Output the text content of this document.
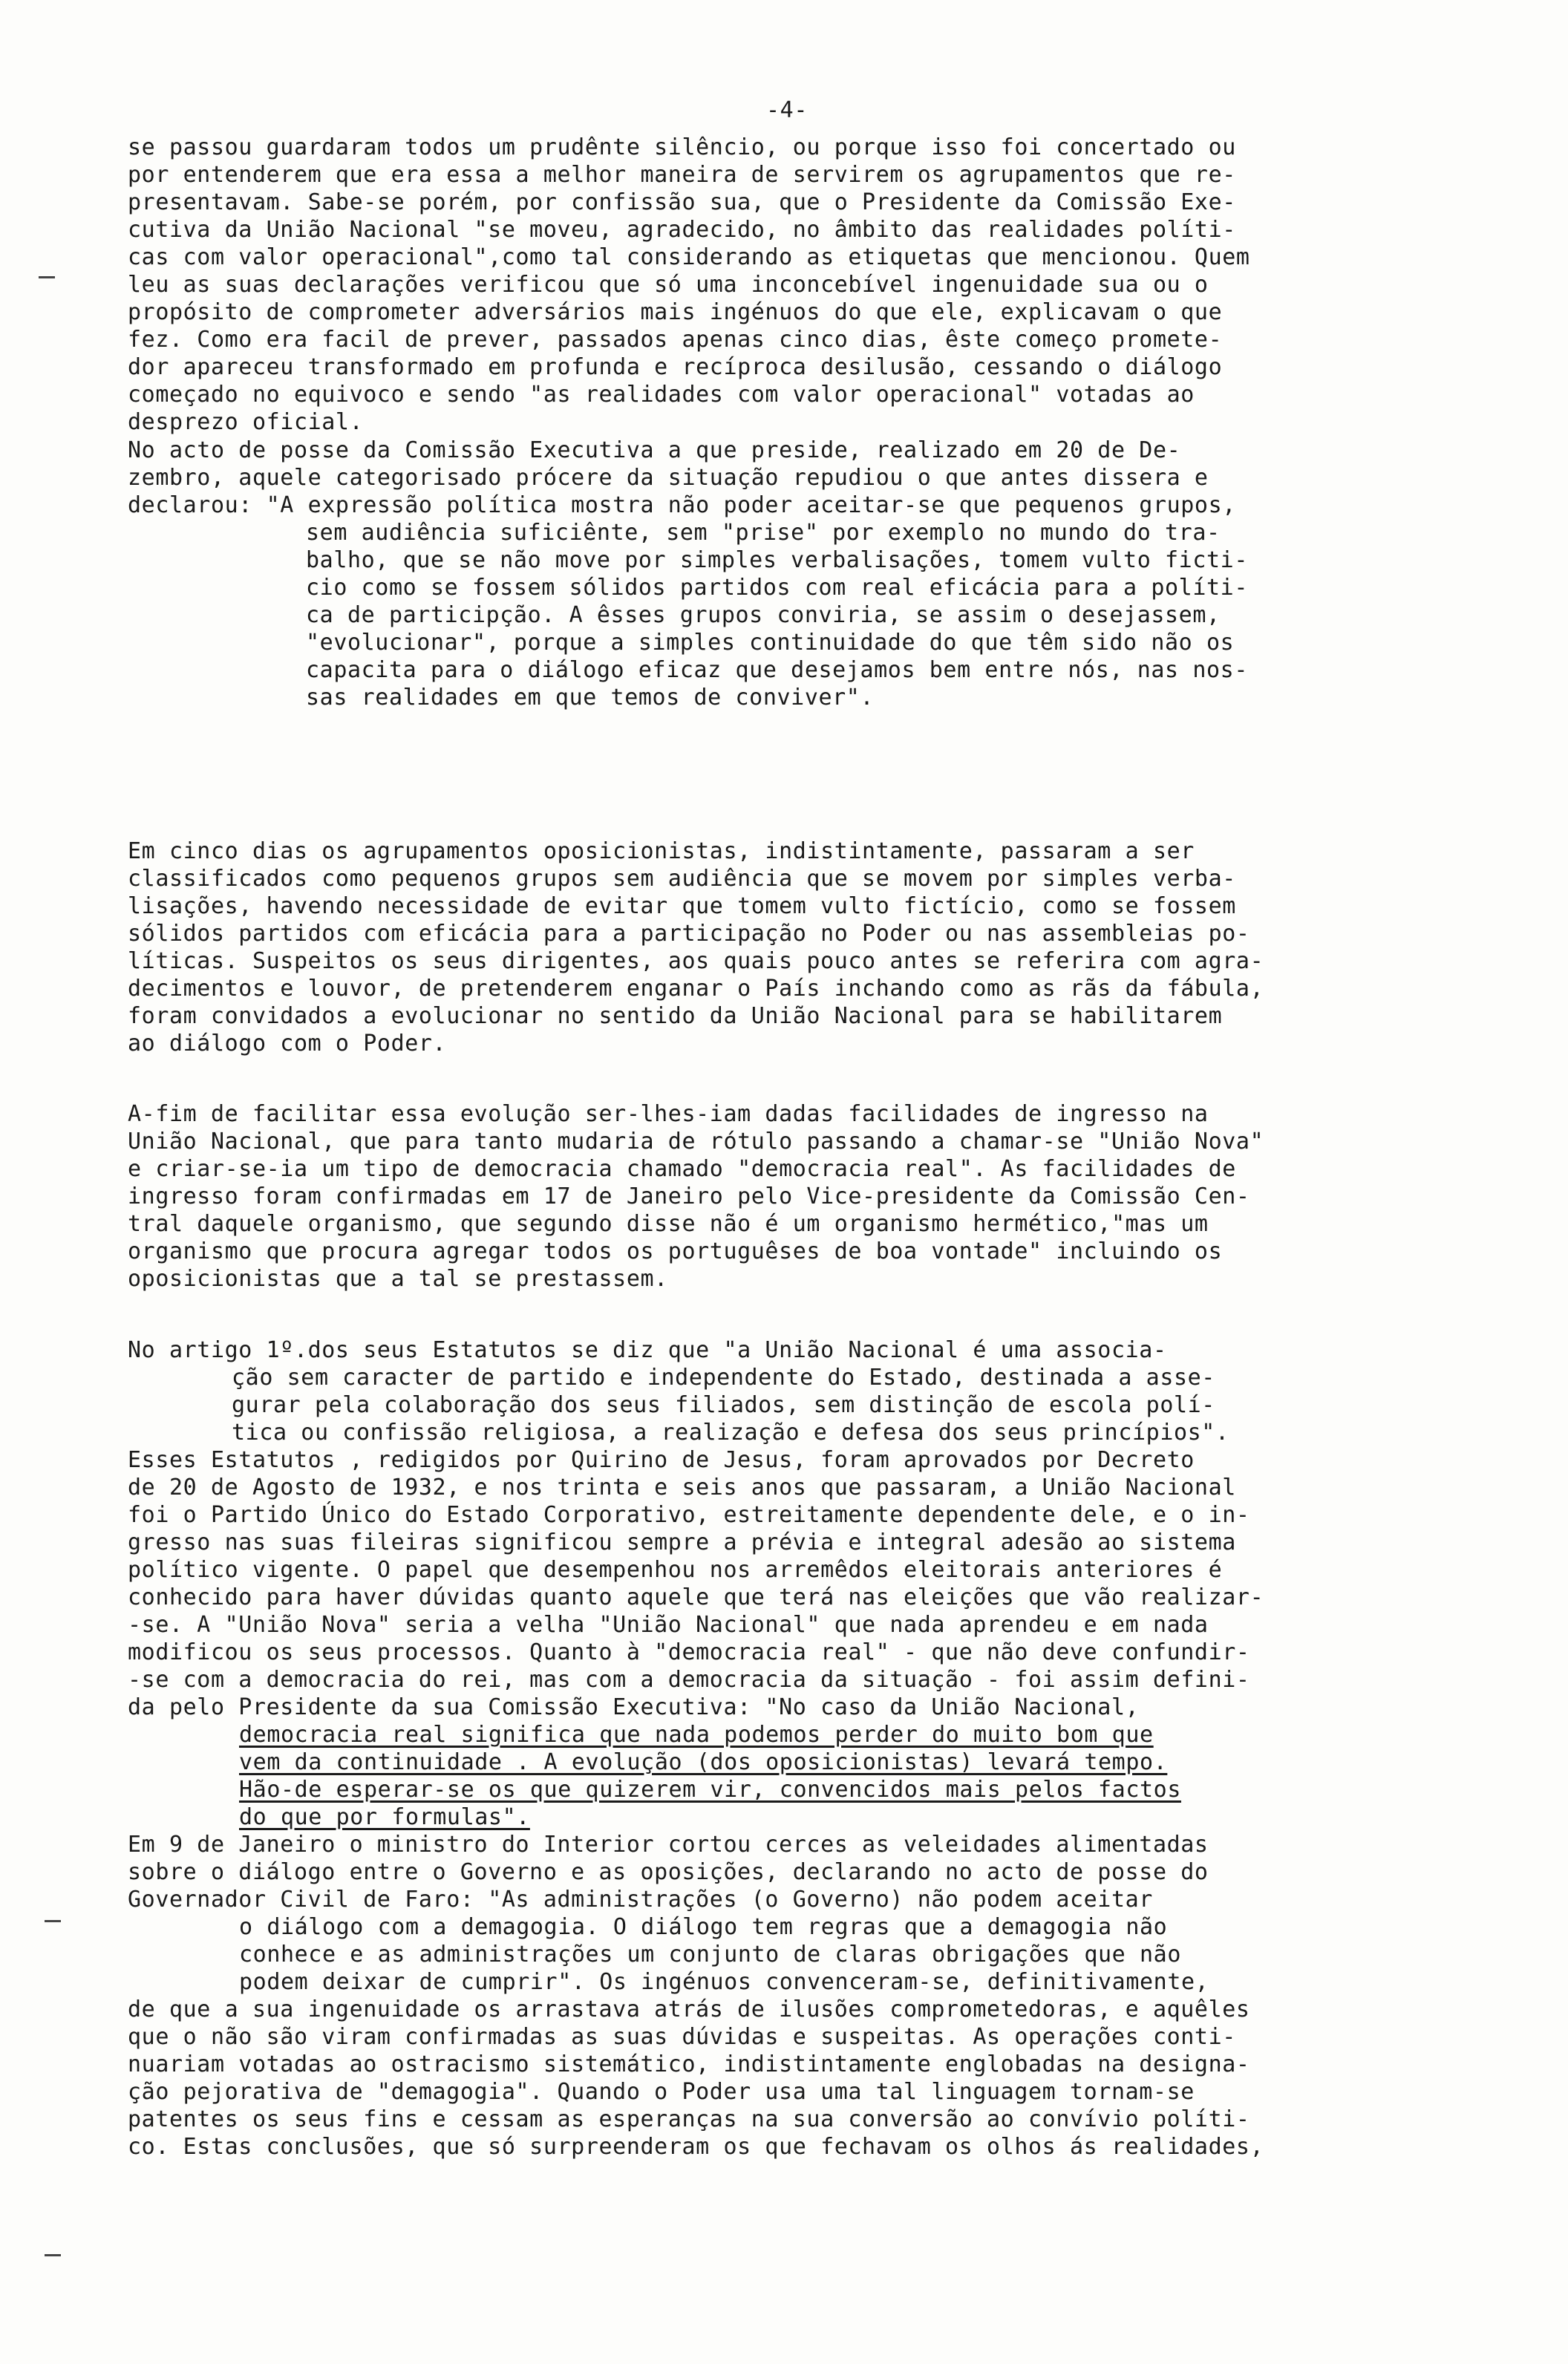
-4-
se passou guardaram todos um prudênte silêncio, ou porque isso foi concertado ou
por entenderem que era essa a melhor maneira de servirem os agrupamentos que re-
presentavam. Sabe-se porém, por confissão sua, que o Presidente da Comissão Exe-
cutiva da União Nacional "se moveu, agradecido, no âmbito das realidades políti-
cas com valor operacional",como tal considerando as etiquetas que mencionou. Quem
leu as suas declarações verificou que só uma inconcebível ingenuidade sua ou o
propósito de comprometer adversários mais ingénuos do que ele, explicavam o que
fez. Como era facil de prever, passados apenas cinco dias, êste começo promete-
dor apareceu transformado em profunda e recíproca desilusão, cessando o diálogo
começado no equivoco e sendo "as realidades com valor operacional" votadas ao
desprezo oficial.
No acto de posse da Comissão Executiva a que preside, realizado em 20 de De-
zembro, aquele categorisado prócere da situação repudiou o que antes dissera e
declarou: "A expressão política mostra não poder aceitar-se que pequenos grupos,
sem audiência suficiênte, sem "prise" por exemplo no mundo do tra-
balho, que se não move por simples verbalisações, tomem vulto ficti-
cio como se fossem sólidos partidos com real eficácia para a políti-
ca de participção. A êsses grupos conviria, se assim o desejassem,
"evolucionar", porque a simples continuidade do que têm sido não os
capacita para o diálogo eficaz que desejamos bem entre nós, nas nos-
sas realidades em que temos de conviver".
Em cinco dias os agrupamentos oposicionistas, indistintamente, passaram a ser
classificados como pequenos grupos sem audiência que se movem por simples verba-
lisações, havendo necessidade de evitar que tomem vulto fictício, como se fossem
sólidos partidos com eficácia para a participação no Poder ou nas assembleias po-
líticas. Suspeitos os seus dirigentes, aos quais pouco antes se referira com agra-
decimentos e louvor, de pretenderem enganar o País inchando como as rãs da fábula,
foram convidados a evolucionar no sentido da União Nacional para se habilitarem
ao diálogo com o Poder.
A-fim de facilitar essa evolução ser-lhes-iam dadas facilidades de ingresso na
União Nacional, que para tanto mudaria de rótulo passando a chamar-se "União Nova"
e criar-se-ia um tipo de democracia chamado "democracia real". As facilidades de
ingresso foram confirmadas em 17 de Janeiro pelo Vice-presidente da Comissão Cen-
tral daquele organismo, que segundo disse não é um organismo hermético,"mas um
organismo que procura agregar todos os portuguêses de boa vontade" incluindo os
oposicionistas que a tal se prestassem.
No artigo 1º.dos seus Estatutos se diz que "a União Nacional é uma associa-
ção sem caracter de partido e independente do Estado, destinada a asse-
gurar pela colaboração dos seus filiados, sem distinção de escola polí-
tica ou confissão religiosa, a realização e defesa dos seus princípios".
Esses Estatutos , redigidos por Quirino de Jesus, foram aprovados por Decreto
de 20 de Agosto de 1932, e nos trinta e seis anos que passaram, a União Nacional
foi o Partido Único do Estado Corporativo, estreitamente dependente dele, e o in-
gresso nas suas fileiras significou sempre a prévia e integral adesão ao sistema
político vigente. O papel que desempenhou nos arremêdos eleitorais anteriores é
conhecido para haver dúvidas quanto aquele que terá nas eleições que vão realizar-
-se. A "União Nova" seria a velha "União Nacional" que nada aprendeu e em nada
modificou os seus processos. Quanto à "democracia real" - que não deve confundir-
-se com a democracia do rei, mas com a democracia da situação - foi assim defini-
da pelo Presidente da sua Comissão Executiva: "No caso da União Nacional,
democracia real significa que nada podemos perder do muito bom que
vem da continuidade . A evolução (dos oposicionistas) levará tempo.
Hão-de esperar-se os que quizerem vir, convencidos mais pelos factos
do que por formulas".
Em 9 de Janeiro o ministro do Interior cortou cerces as veleidades alimentadas
sobre o diálogo entre o Governo e as oposições, declarando no acto de posse do
Governador Civil de Faro: "As administrações (o Governo) não podem aceitar
o diálogo com a demagogia. O diálogo tem regras que a demagogia não
conhece e as administrações um conjunto de claras obrigações que não
podem deixar de cumprir". Os ingénuos convenceram-se, definitivamente,
de que a sua ingenuidade os arrastava atrás de ilusões comprometedoras, e aquêles
que o não são viram confirmadas as suas dúvidas e suspeitas. As operações conti-
nuariam votadas ao ostracismo sistemático, indistintamente englobadas na designa-
ção pejorativa de "demagogia". Quando o Poder usa uma tal linguagem tornam-se
patentes os seus fins e cessam as esperanças na sua conversão ao convívio políti-
co. Estas conclusões, que só surpreenderam os que fechavam os olhos ás realidades,
